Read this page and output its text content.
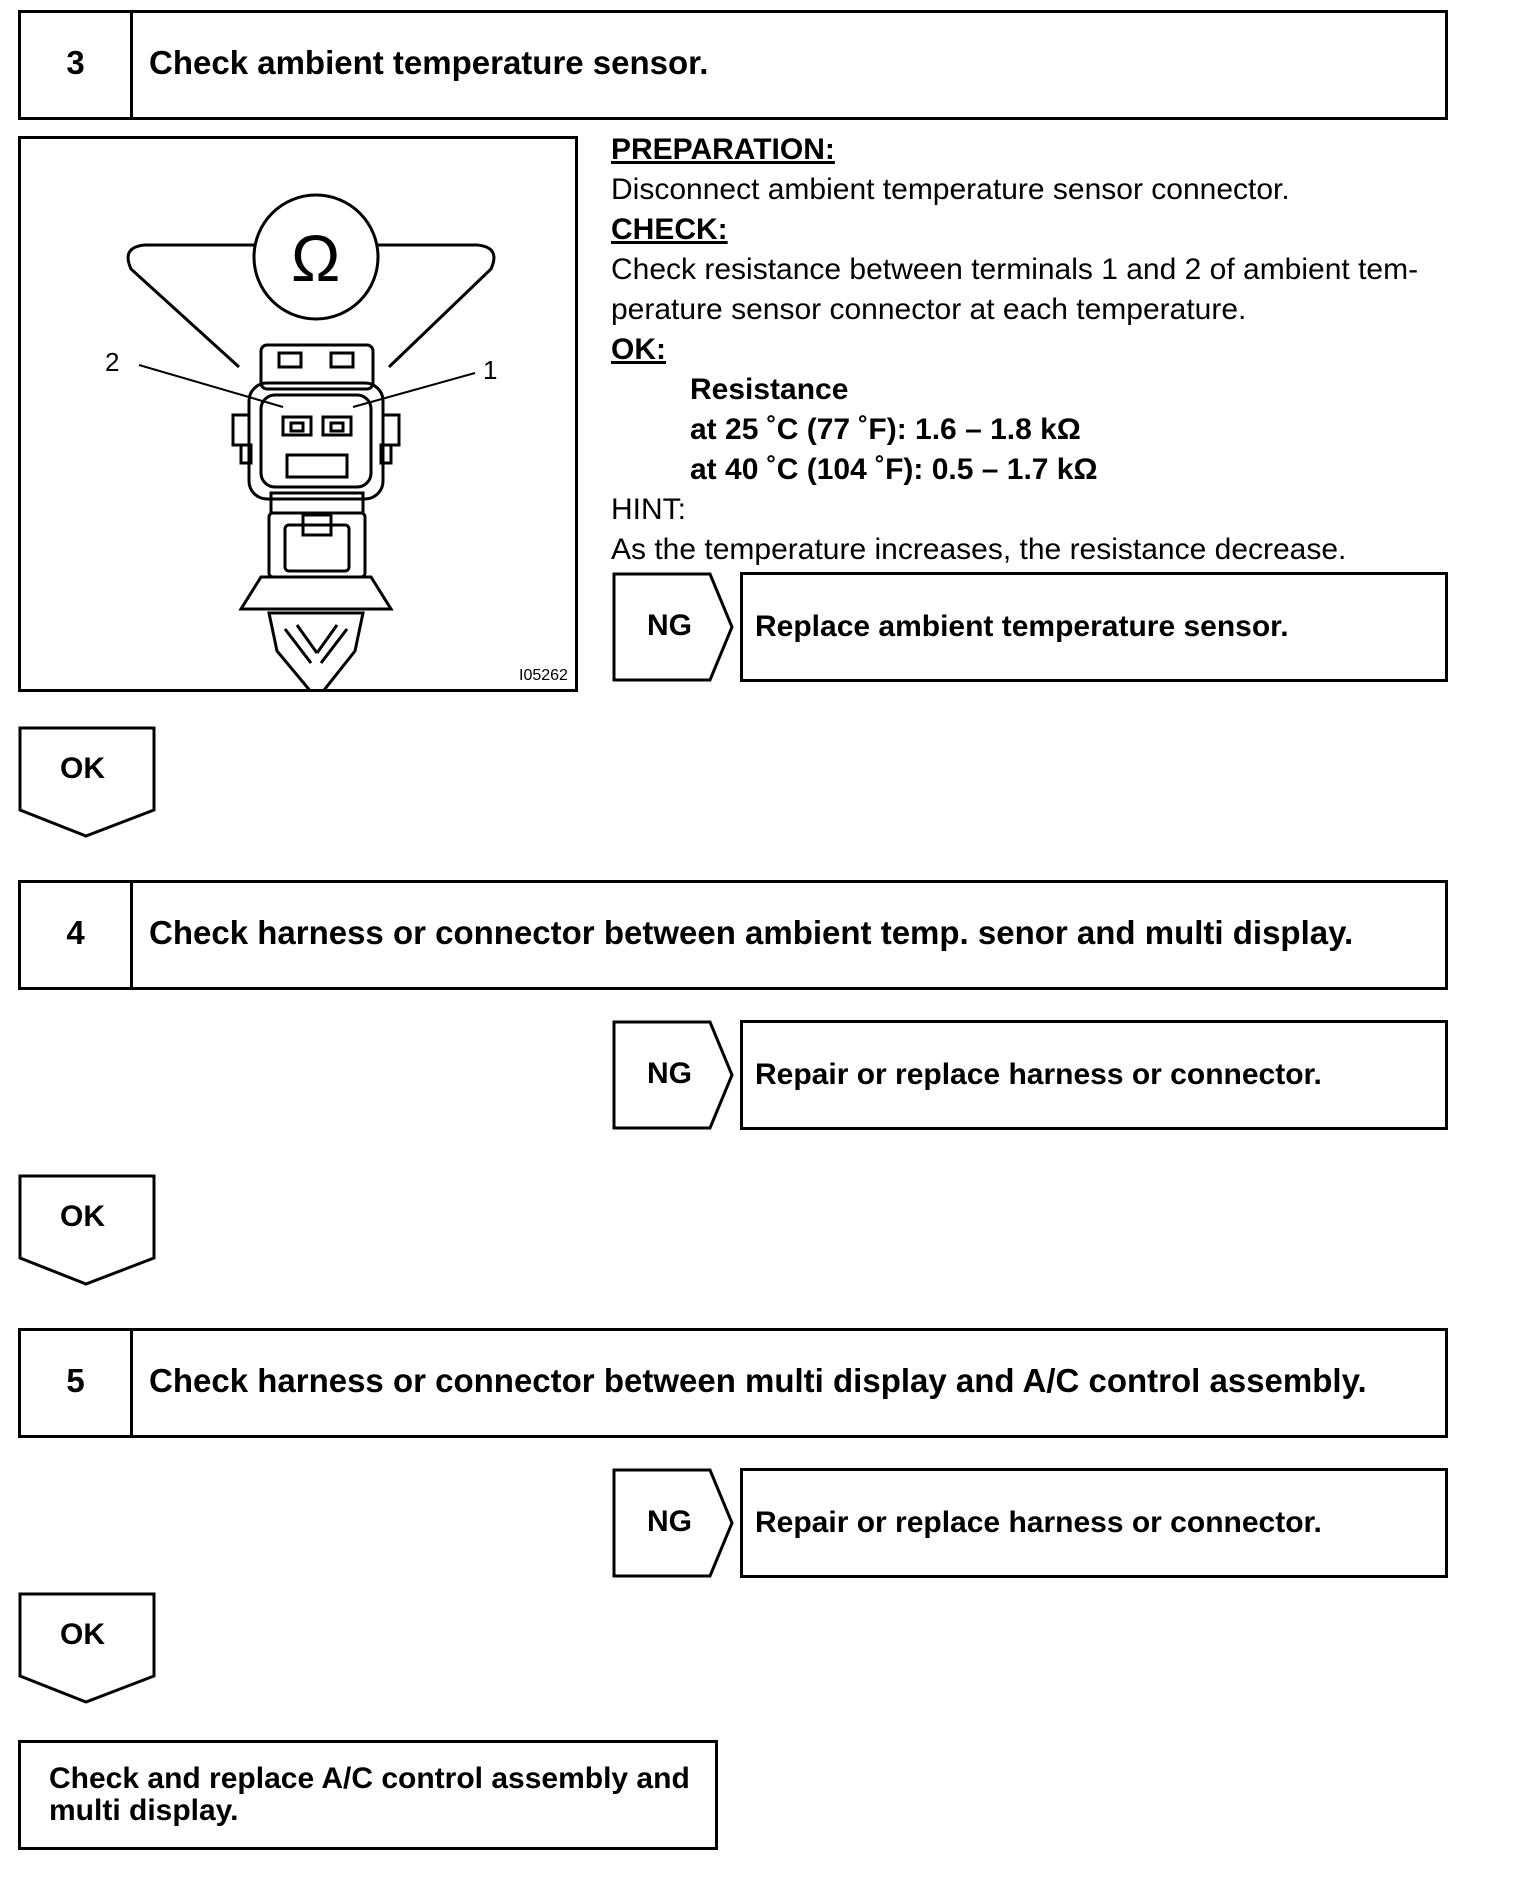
3	Check ambient temperature sensor.
Ω
2	1
I05262
PREPARATION:
Disconnect ambient temperature sensor connector.
CHECK:
Check resistance between terminals 1 and 2 of ambient tem-
perature sensor connector at each temperature.
OK:
Resistance
at 25 ˚C (77 ˚F): 1.6 – 1.8 kΩ
at 40 ˚C (104 ˚F): 0.5 – 1.7 kΩ
HINT:
As the temperature increases, the resistance decrease.
NG	Replace ambient temperature sensor.
OK
4	Check harness or connector between ambient temp. senor and multi display.
NG	Repair or replace harness or connector.
OK
5	Check harness or connector between multi display and A/C control assembly.
NG	Repair or replace harness or connector.
OK
Check and replace A/C control assembly and
multi display.
